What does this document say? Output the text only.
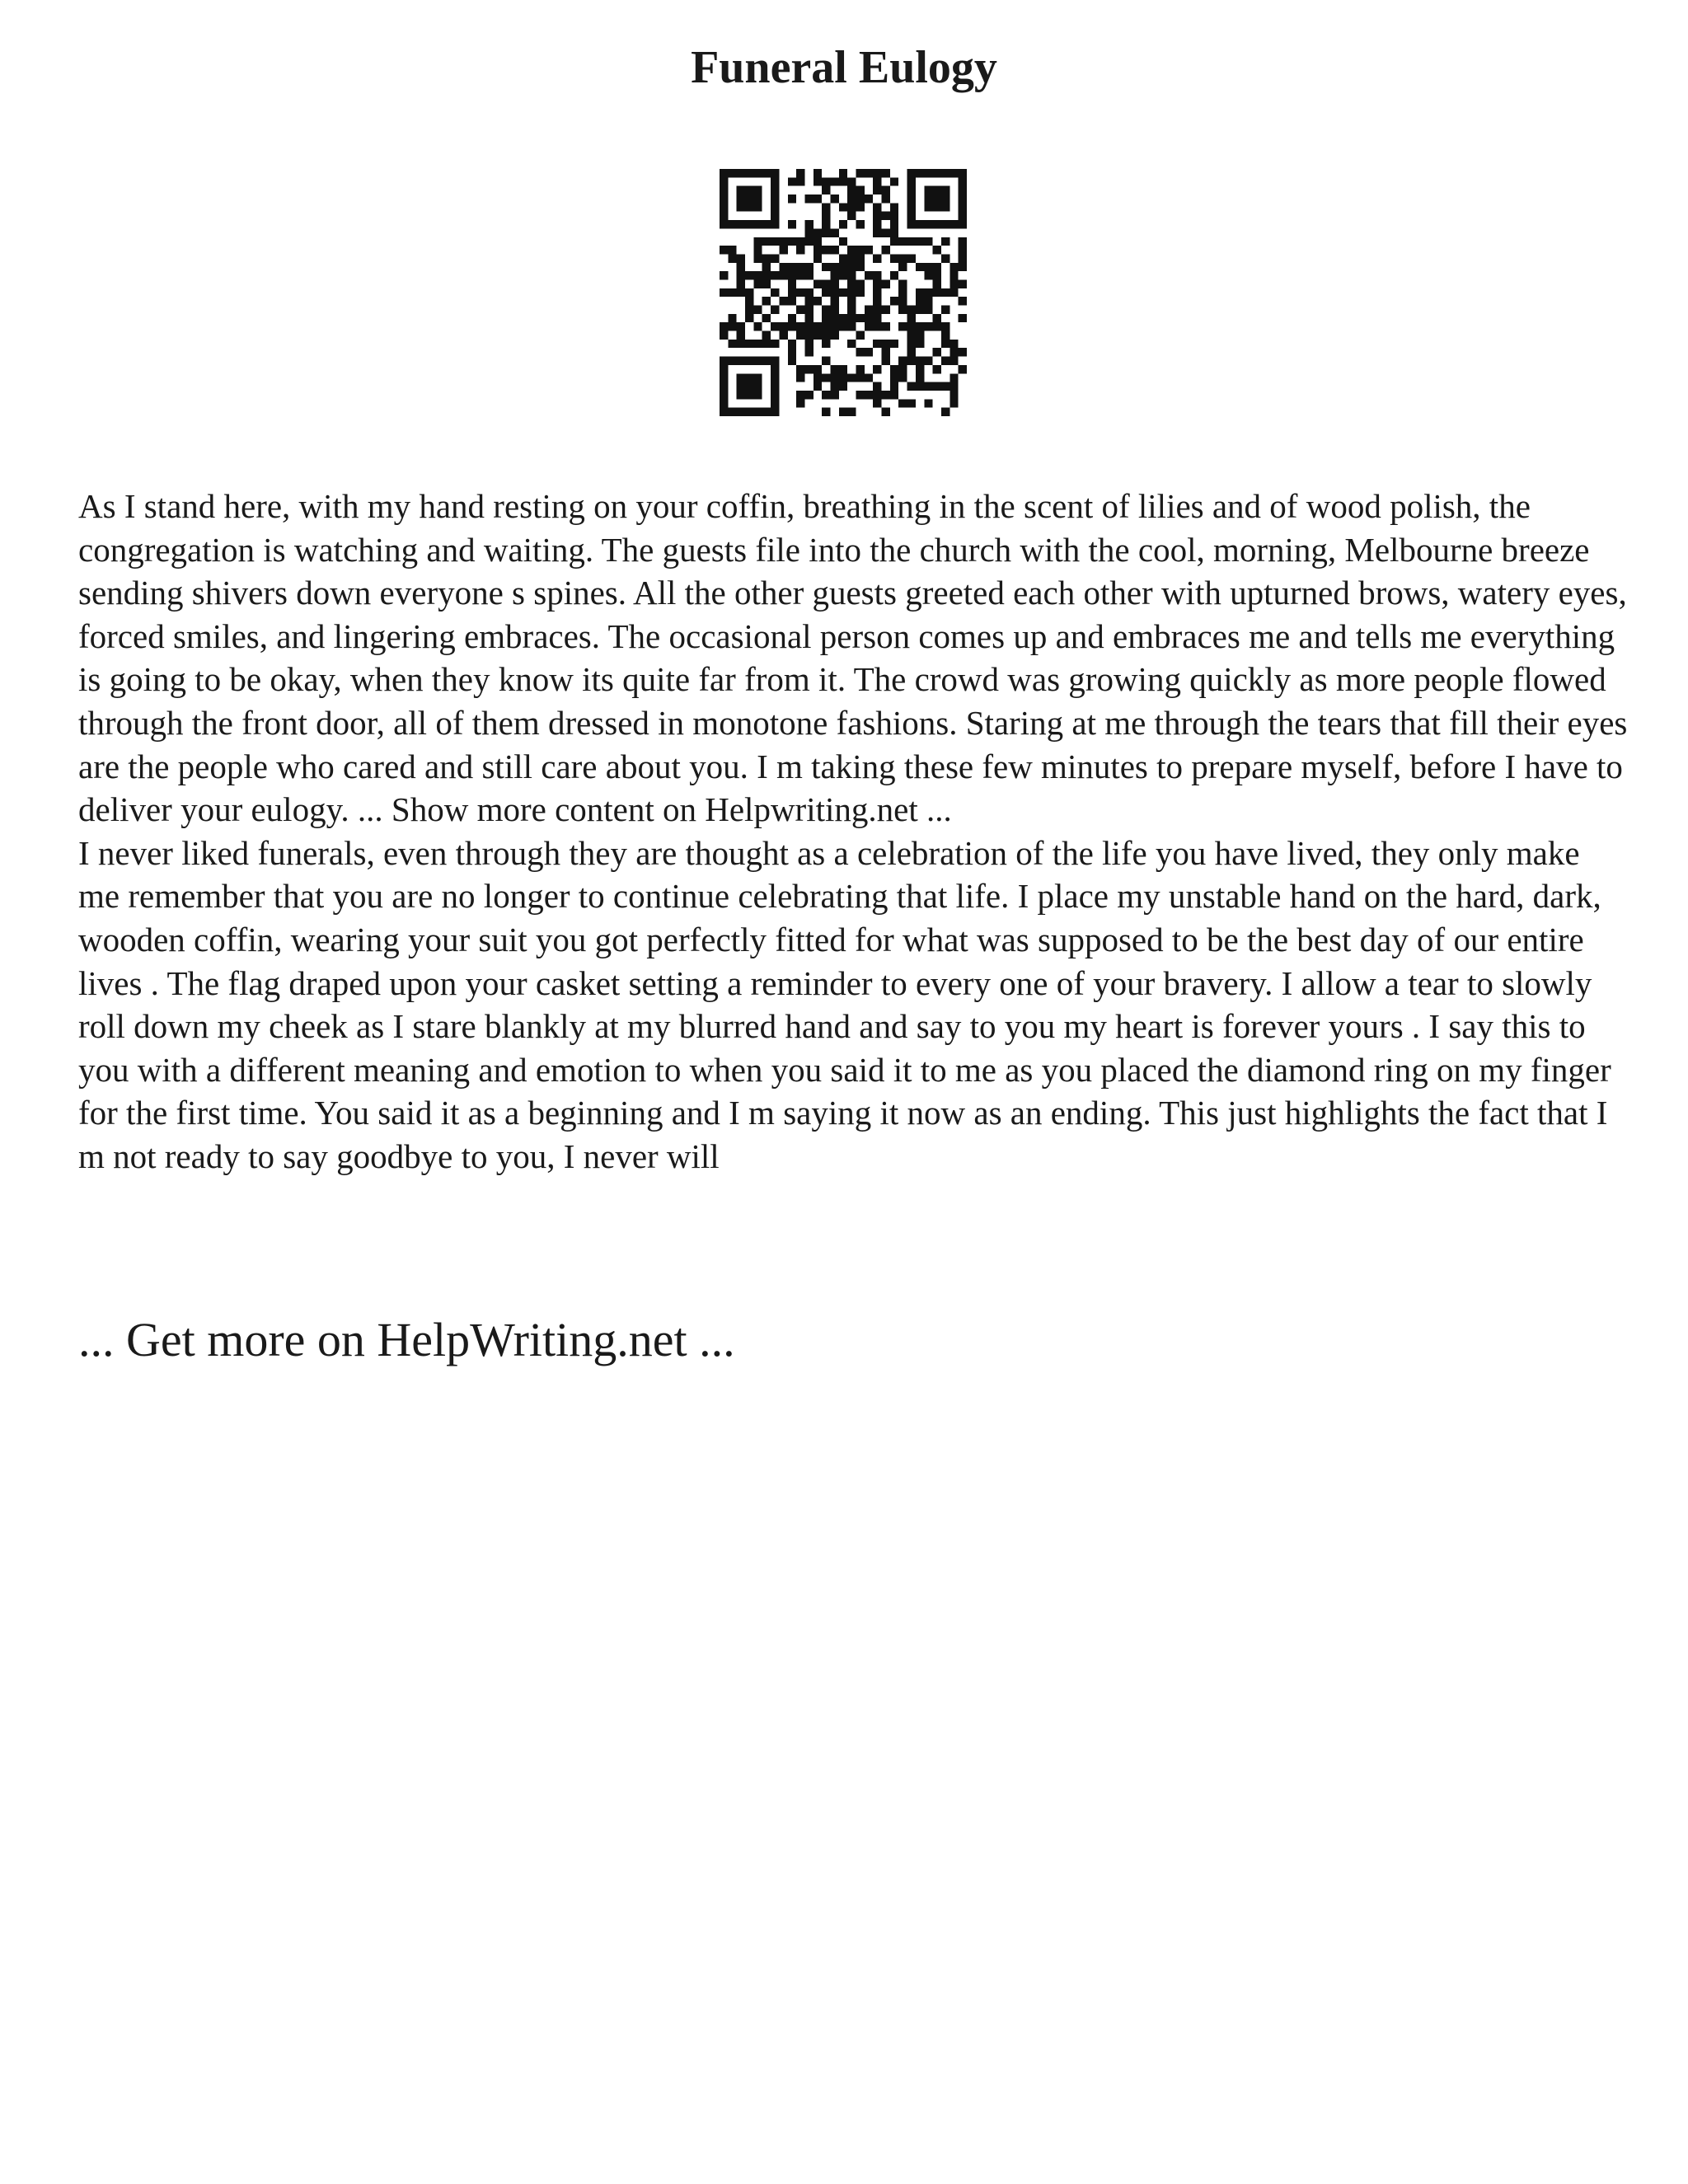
Funeral Eulogy

As I stand here, with my hand resting on your coffin, breathing in the scent of lilies and of wood polish, the congregation is watching and waiting. The guests file into the church with the cool, morning, Melbourne breeze sending shivers down everyone s spines. All the other guests greeted each other with upturned brows, watery eyes, forced smiles, and lingering embraces. The occasional person comes up and embraces me and tells me everything is going to be okay, when they know its quite far from it. The crowd was growing quickly as more people flowed through the front door, all of them dressed in monotone fashions. Staring at me through the tears that fill their eyes are the people who cared and still care about you. I m taking these few minutes to prepare myself, before I have to deliver your eulogy. ... Show more content on Helpwriting.net ...

I never liked funerals, even through they are thought as a celebration of the life you have lived, they only make me remember that you are no longer to continue celebrating that life. I place my unstable hand on the hard, dark, wooden coffin, wearing your suit you got perfectly fitted for what was supposed to be the best day of our entire lives . The flag draped upon your casket setting a reminder to every one of your bravery. I allow a tear to slowly roll down my cheek as I stare blankly at my blurred hand and say to you my heart is forever yours . I say this to you with a different meaning and emotion to when you said it to me as you placed the diamond ring on my finger for the first time. You said it as a beginning and I m saying it now as an ending. This just highlights the fact that I m not ready to say goodbye to you, I never will

... Get more on HelpWriting.net ...
